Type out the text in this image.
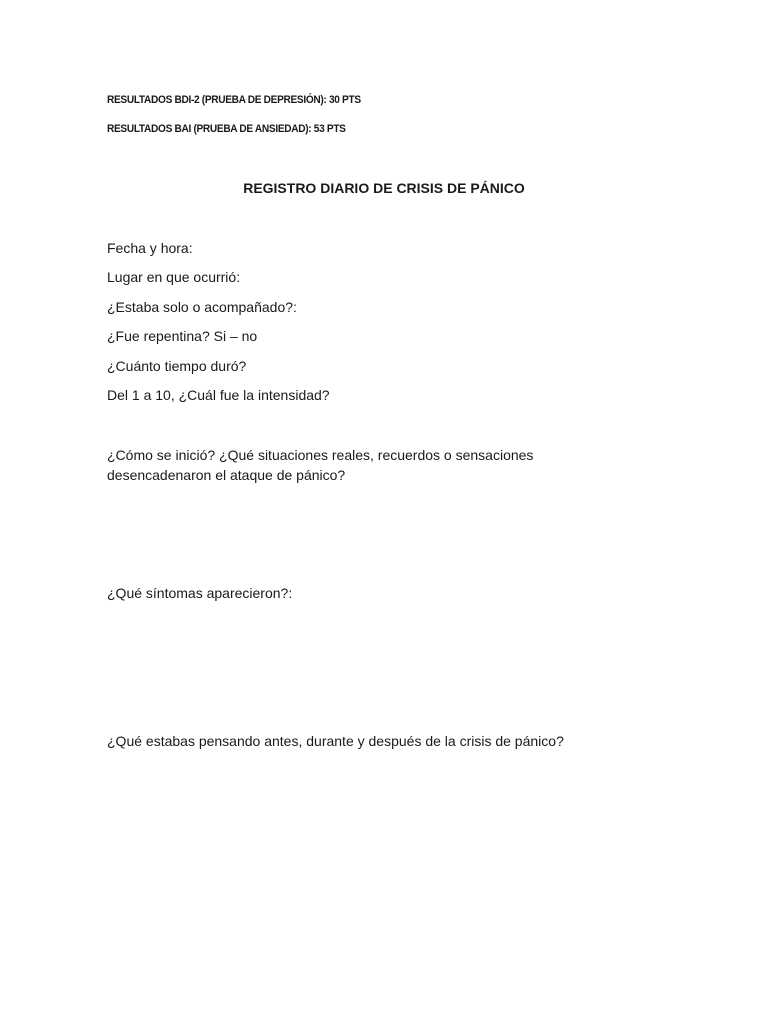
RESULTADOS BDI-2 (PRUEBA DE DEPRESIÓN): 30 PTS
RESULTADOS BAI (PRUEBA DE ANSIEDAD): 53 PTS
REGISTRO DIARIO DE CRISIS DE PÁNICO
Fecha y hora:
Lugar en que ocurrió:
¿Estaba solo o acompañado?:
¿Fue repentina? Si – no
¿Cuánto tiempo duró?
Del 1 a 10, ¿Cuál fue la intensidad?
¿Cómo se inició? ¿Qué situaciones reales, recuerdos o sensaciones desencadenaron el ataque de pánico?
¿Qué síntomas aparecieron?:
¿Qué estabas pensando antes, durante y después de la crisis de pánico?
